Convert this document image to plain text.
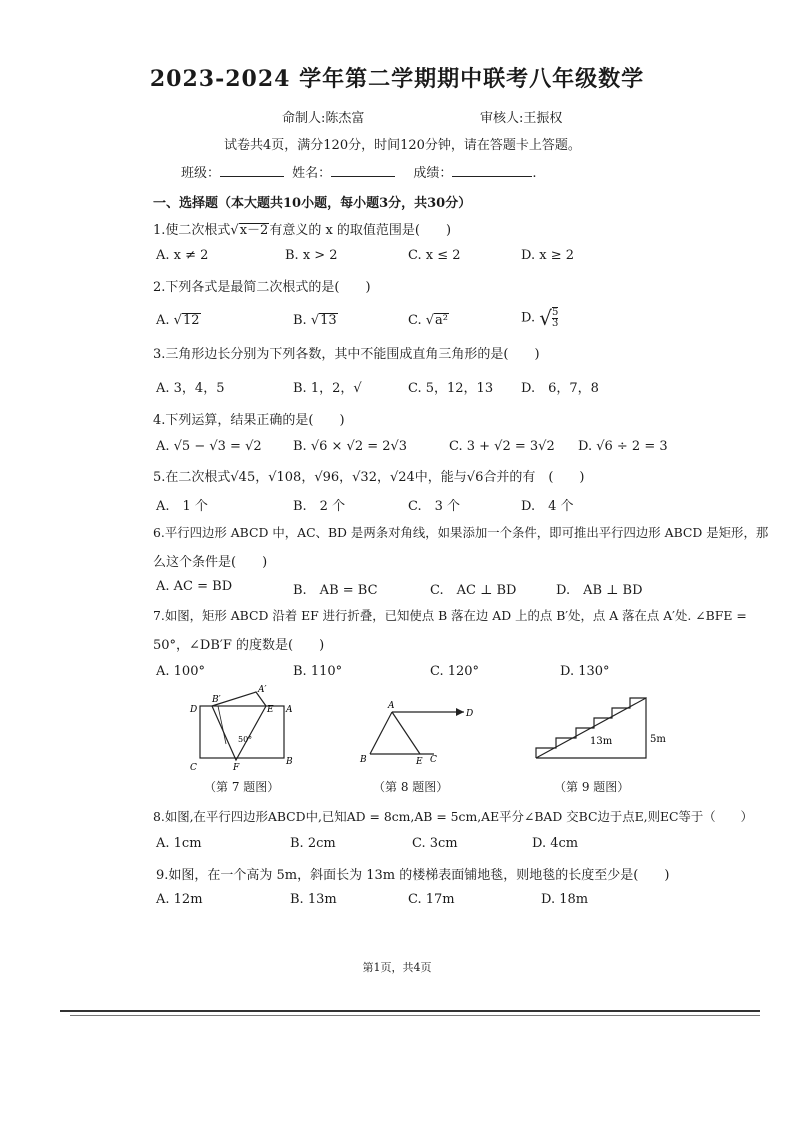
2023-2024 学年第二学期期中联考八年级数学
命制人:陈杰富	审核人:王振权
试卷共4页，满分120分，时间120分钟，请在答题卡上答题。
班级：	姓名：	成绩：	.
一、选择题（本大题共10小题，每小题3分，共30分）
1.使二次根式√x－2有意义的 x 的取值范围是(　　)
A. x ≠ 2	B. x > 2	C. x ≤ 2	D. x ≥ 2
2.下列各式是最简二次根式的是(　　)
A. √12	B. √13	C. √a²	D. √ $\frac{5}{3}$
3.三角形边长分别为下列各数，其中不能围成直角三角形的是(　　)
A. 3，4，5	B. 1，2，√	C. 5，12，13 D.　6，7，8
4.下列运算，结果正确的是(　　)
A. √5 − √3 = √2 B. √6 × √2 = 2√3	C. 3 + √2 = 3√2 D. √6 ÷ 2 = 3
5.在二次根式√45，√108，√96，√32，√24中，能与√6合并的有　(　　)
A.　1 个	B.　2 个	C.　3 个	D.　4 个
6.平行四边形 ABCD 中，AC、BD 是两条对角线，如果添加一个条件，即可推出平行四边形 ABCD 是矩形，那
么这个条件是(　　)
A. AC = BD	B.　AB = BC	C.　AC ⊥ BD	D.　AB ⊥ BD
7.如图，矩形 ABCD 沿着 EF 进行折叠，已知使点 B 落在边 AD 上的点 B′处，点 A 落在点 A′处. ∠BFE =
50°，∠DB′F 的度数是(　　)
A. 100°	B. 110°	C. 120°	D. 130°
D
B′
A′
E A
C	F
B
50°
（第 7 题图）
A
D
B	E C
（第 8 题图）
13m	5m
（第 9 题图）
8.如图,在平行四边形ABCD中,已知AD = 8cm,AB = 5cm,AE平分∠BAD 交BC边于点E,则EC等于（　　）
A. 1cm	B. 2cm	C. 3cm	D. 4cm
9.如图，在一个高为 5m，斜面长为 13m 的楼梯表面铺地毯，则地毯的长度至少是(　　)
A. 12m	B. 13m	C. 17m	D. 18m
第1页，共4页
